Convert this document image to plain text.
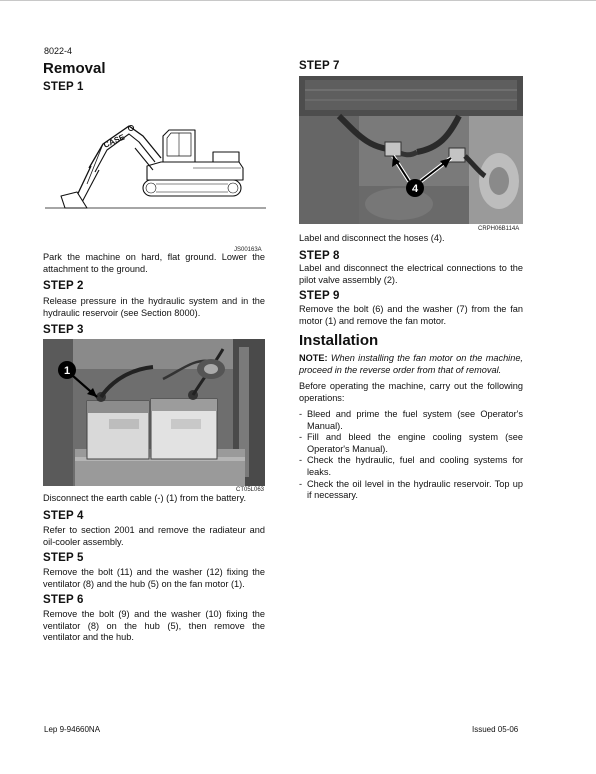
8022-4
Removal
STEP 1
CASE
JS00163A
Park the machine on hard, flat ground. Lower the attachment to the ground.
STEP 2
Release pressure in the hydraulic system and in the hydraulic reservoir (see Section 8000).
STEP 3
1
CT05L063
Disconnect the earth cable (-) (1) from the battery.
STEP 4
Refer to section 2001 and remove the radiateur and oil-cooler assembly.
STEP 5
Remove the bolt (11) and the washer (12) fixing the ventilator (8) and the hub (5) on the fan motor (1).
STEP 6
Remove the bolt (9) and the washer (10) fixing the ventilator (8) on the hub (5), then remove the ventilator and the hub.
STEP 7
4
CRPH06B114A
Label and disconnect the hoses (4).
STEP 8
Label and disconnect the electrical connections to the pilot valve assembly (2).
STEP 9
Remove the bolt (6) and the washer (7) from the fan motor (1) and remove the fan motor.
Installation
NOTE: When installing the fan motor on the machine, proceed in the reverse order from that of removal.
Before operating the machine, carry out the following operations:
- Bleed and prime the fuel system (see Operator's Manual).
- Fill and bleed the engine cooling system (see Operator's Manual).
- Check the hydraulic, fuel and cooling systems for leaks.
- Check the oil level in the hydraulic reservoir. Top up if necessary.
Lep 9-94660NA	Issued 05-06
